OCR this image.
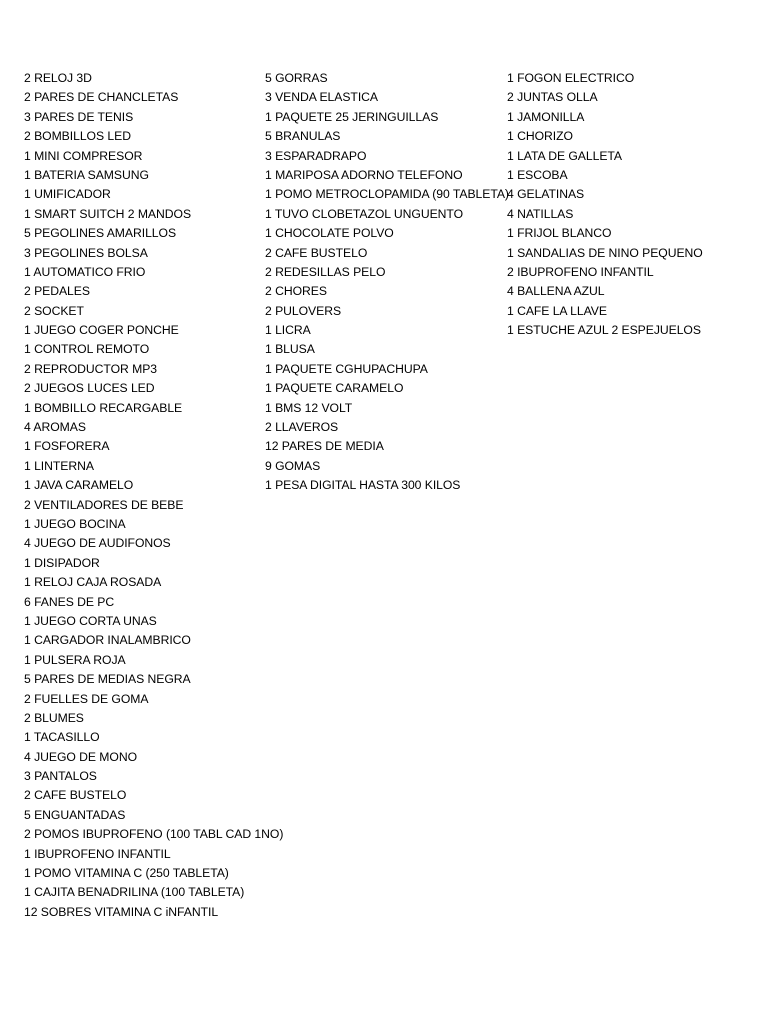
2 RELOJ 3D
2 PARES DE CHANCLETAS
3 PARES DE TENIS
2 BOMBILLOS LED
1 MINI COMPRESOR
1 BATERIA SAMSUNG
1 UMIFICADOR
1 SMART SUITCH 2 MANDOS
5 PEGOLINES AMARILLOS
3 PEGOLINES BOLSA
1 AUTOMATICO FRIO
2 PEDALES
2 SOCKET
1 JUEGO COGER PONCHE
1 CONTROL REMOTO
2 REPRODUCTOR MP3
2 JUEGOS LUCES LED
1 BOMBILLO RECARGABLE
4 AROMAS
1 FOSFORERA
1 LINTERNA
1 JAVA CARAMELO
2 VENTILADORES DE BEBE
1 JUEGO BOCINA
4 JUEGO DE AUDIFONOS
1 DISIPADOR
1 RELOJ CAJA ROSADA
6 FANES DE PC
1 JUEGO CORTA UNAS
1 CARGADOR INALAMBRICO
1 PULSERA ROJA
5 PARES DE MEDIAS NEGRA
2 FUELLES DE GOMA
2 BLUMES
1 TACASILLO
4 JUEGO DE MONO
3 PANTALOS
2 CAFE BUSTELO
5 ENGUANTADAS
2 POMOS IBUPROFENO (100 TABL CAD 1NO)
1 IBUPROFENO INFANTIL
1 POMO VITAMINA C (250 TABLETA)
1 CAJITA BENADRILINA (100 TABLETA)
12 SOBRES VITAMINA C iNFANTIL
5 GORRAS
3 VENDA ELASTICA
1 PAQUETE 25 JERINGUILLAS
5 BRANULAS
3 ESPARADRAPO
1 MARIPOSA ADORNO TELEFONO
1 POMO METROCLOPAMIDA (90 TABLETA)
1 TUVO CLOBETAZOL UNGUENTO
1 CHOCOLATE POLVO
2 CAFE BUSTELO
2 REDESILLAS PELO
2 CHORES
2 PULOVERS
1 LICRA
1 BLUSA
1 PAQUETE CGHUPACHUPA
1 PAQUETE CARAMELO
1 BMS 12 VOLT
2 LLAVEROS
12 PARES DE MEDIA
9 GOMAS
1 PESA DIGITAL HASTA 300 KILOS
1 FOGON ELECTRICO
2 JUNTAS OLLA
1 JAMONILLA
1 CHORIZO
1 LATA DE GALLETA
1 ESCOBA
4 GELATINAS
4 NATILLAS
1 FRIJOL BLANCO
1 SANDALIAS DE NINO PEQUENO
2 IBUPROFENO INFANTIL
4 BALLENA AZUL
1 CAFE LA LLAVE
1 ESTUCHE AZUL 2 ESPEJUELOS
